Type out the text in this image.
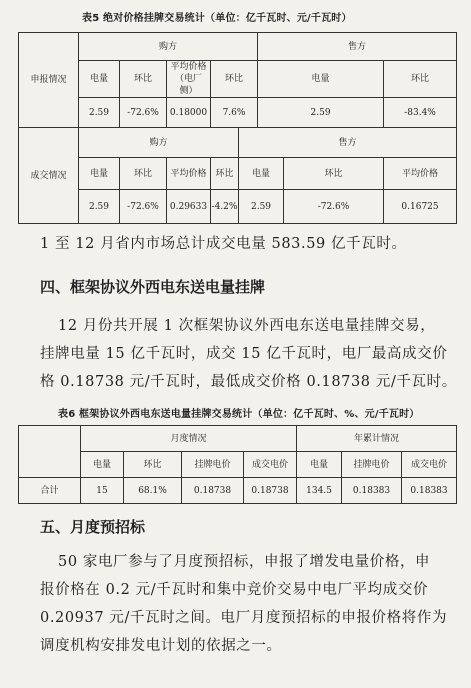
表5 绝对价格挂牌交易统计（单位：亿千瓦时、元/千瓦时）
申报情况	购方					售方			
	电量	环比	平均价格（电厂侧）	环比		电量		环比	
	2.59	-72.6%	0.18000	7.6%		2.59		-83.4%	
成交情况	购方				售方				
	电量	环比	平均价格	环比	电量		环比	平均价格	
	2.59	-72.6%	0.29633	-4.2%	2.59		-72.6%	0.16725	
1 至 12 月省内市场总计成交电量 583.59 亿千瓦时。
四、框架协议外西电东送电量挂牌
12 月份共开展 1 次框架协议外西电东送电量挂牌交易，
挂牌电量 15 亿千瓦时，成交 15 亿千瓦时，电厂最高成交价
格 0.18738 元/千瓦时，最低成交价格 0.18738 元/千瓦时。
表6 框架协议外西电东送电量挂牌交易统计（单位：亿千瓦时、%、元/千瓦时）
	月度情况				年累计情况		
	电量	环比	挂牌电价	成交电价	电量	挂牌电价	成交电价
合计	15	68.1%	0.18738	0.18738	134.5	0.18383	0.18383
五、月度预招标
50 家电厂参与了月度预招标，申报了增发电量价格，申
报价格在 0.2 元/千瓦时和集中竞价交易中电厂平均成交价
0.20937 元/千瓦时之间。电厂月度预招标的申报价格将作为
调度机构安排发电计划的依据之一。
